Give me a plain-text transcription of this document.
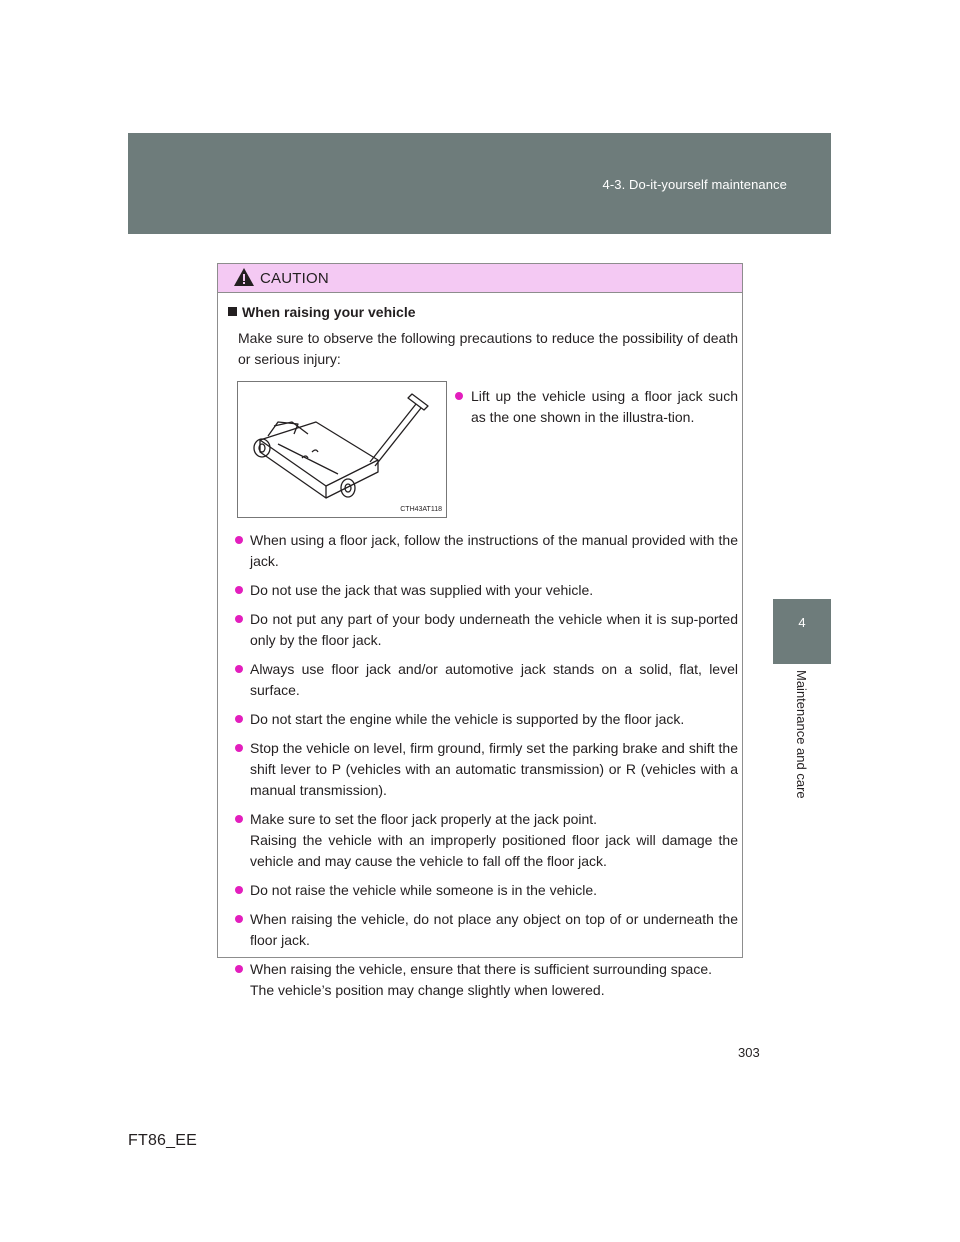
4-3. Do-it-yourself maintenance
4
Maintenance and care
CAUTION
When raising your vehicle
Make sure to observe the following precautions to reduce the possibility of death or serious injury:
CTH43AT118
Lift up the vehicle using a floor jack such as the one shown in the illustra-tion.
When using a floor jack, follow the instructions of the manual provided with the jack.
Do not use the jack that was supplied with your vehicle.
Do not put any part of your body underneath the vehicle when it is sup-ported only by the floor jack.
Always use floor jack and/or automotive jack stands on a solid, flat, level surface.
Do not start the engine while the vehicle is supported by the floor jack.
Stop the vehicle on level, firm ground, firmly set the parking brake and shift the shift lever to P (vehicles with an automatic transmission) or R (vehicles with a manual transmission).
Make sure to set the floor jack properly at the jack point.
Raising the vehicle with an improperly positioned floor jack will damage the vehicle and may cause the vehicle to fall off the floor jack.
Do not raise the vehicle while someone is in the vehicle.
When raising the vehicle, do not place any object on top of or underneath the floor jack.
When raising the vehicle, ensure that there is sufficient surrounding space.
The vehicle’s position may change slightly when lowered.
303
FT86_EE
